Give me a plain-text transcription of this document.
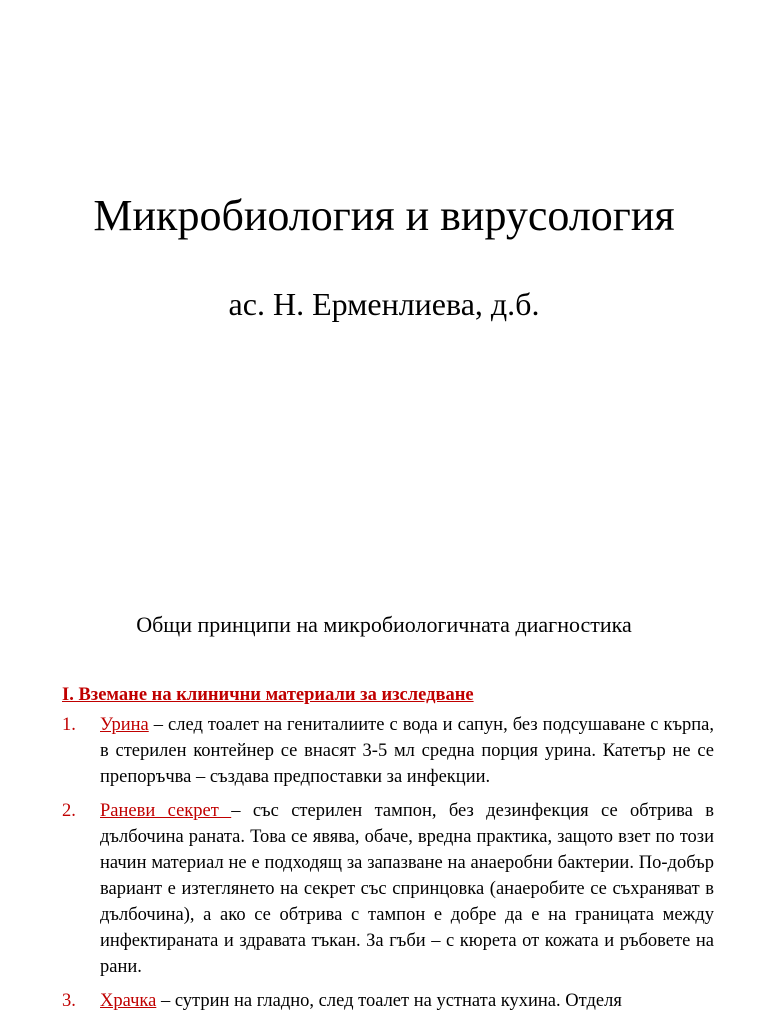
Микробиология и вирусология
ас. Н. Ерменлиева, д.б.
Общи принципи на микробиологичната диагностика
I. Вземане на клинични материали за изследване
1. Урина – след тоалет на гениталиите с вода и сапун, без подсушаване с кърпа, в стерилен контейнер се внасят 3-5 мл средна порция урина. Катетър не се препоръчва – създава предпоставки за инфекции.
2. Раневи секрет – със стерилен тампон, без дезинфекция се обтрива в дълбочина раната. Това се явява, обаче, вредна практика, защото взет по този начин материал не е подходящ за запазване на анаеробни бактерии. По-добър вариант е изтеглянето на секрет със спринцовка (анаеробите се съхраняват в дълбочина), а ако се обтрива с тампон е добре да е на границата между инфектираната и здравата тъкан. За гъби – с кюрета от кожата и ръбовете на рани.
3. Храчка – сутрин на гладно, след тоалет на устната кухина. Отделя
